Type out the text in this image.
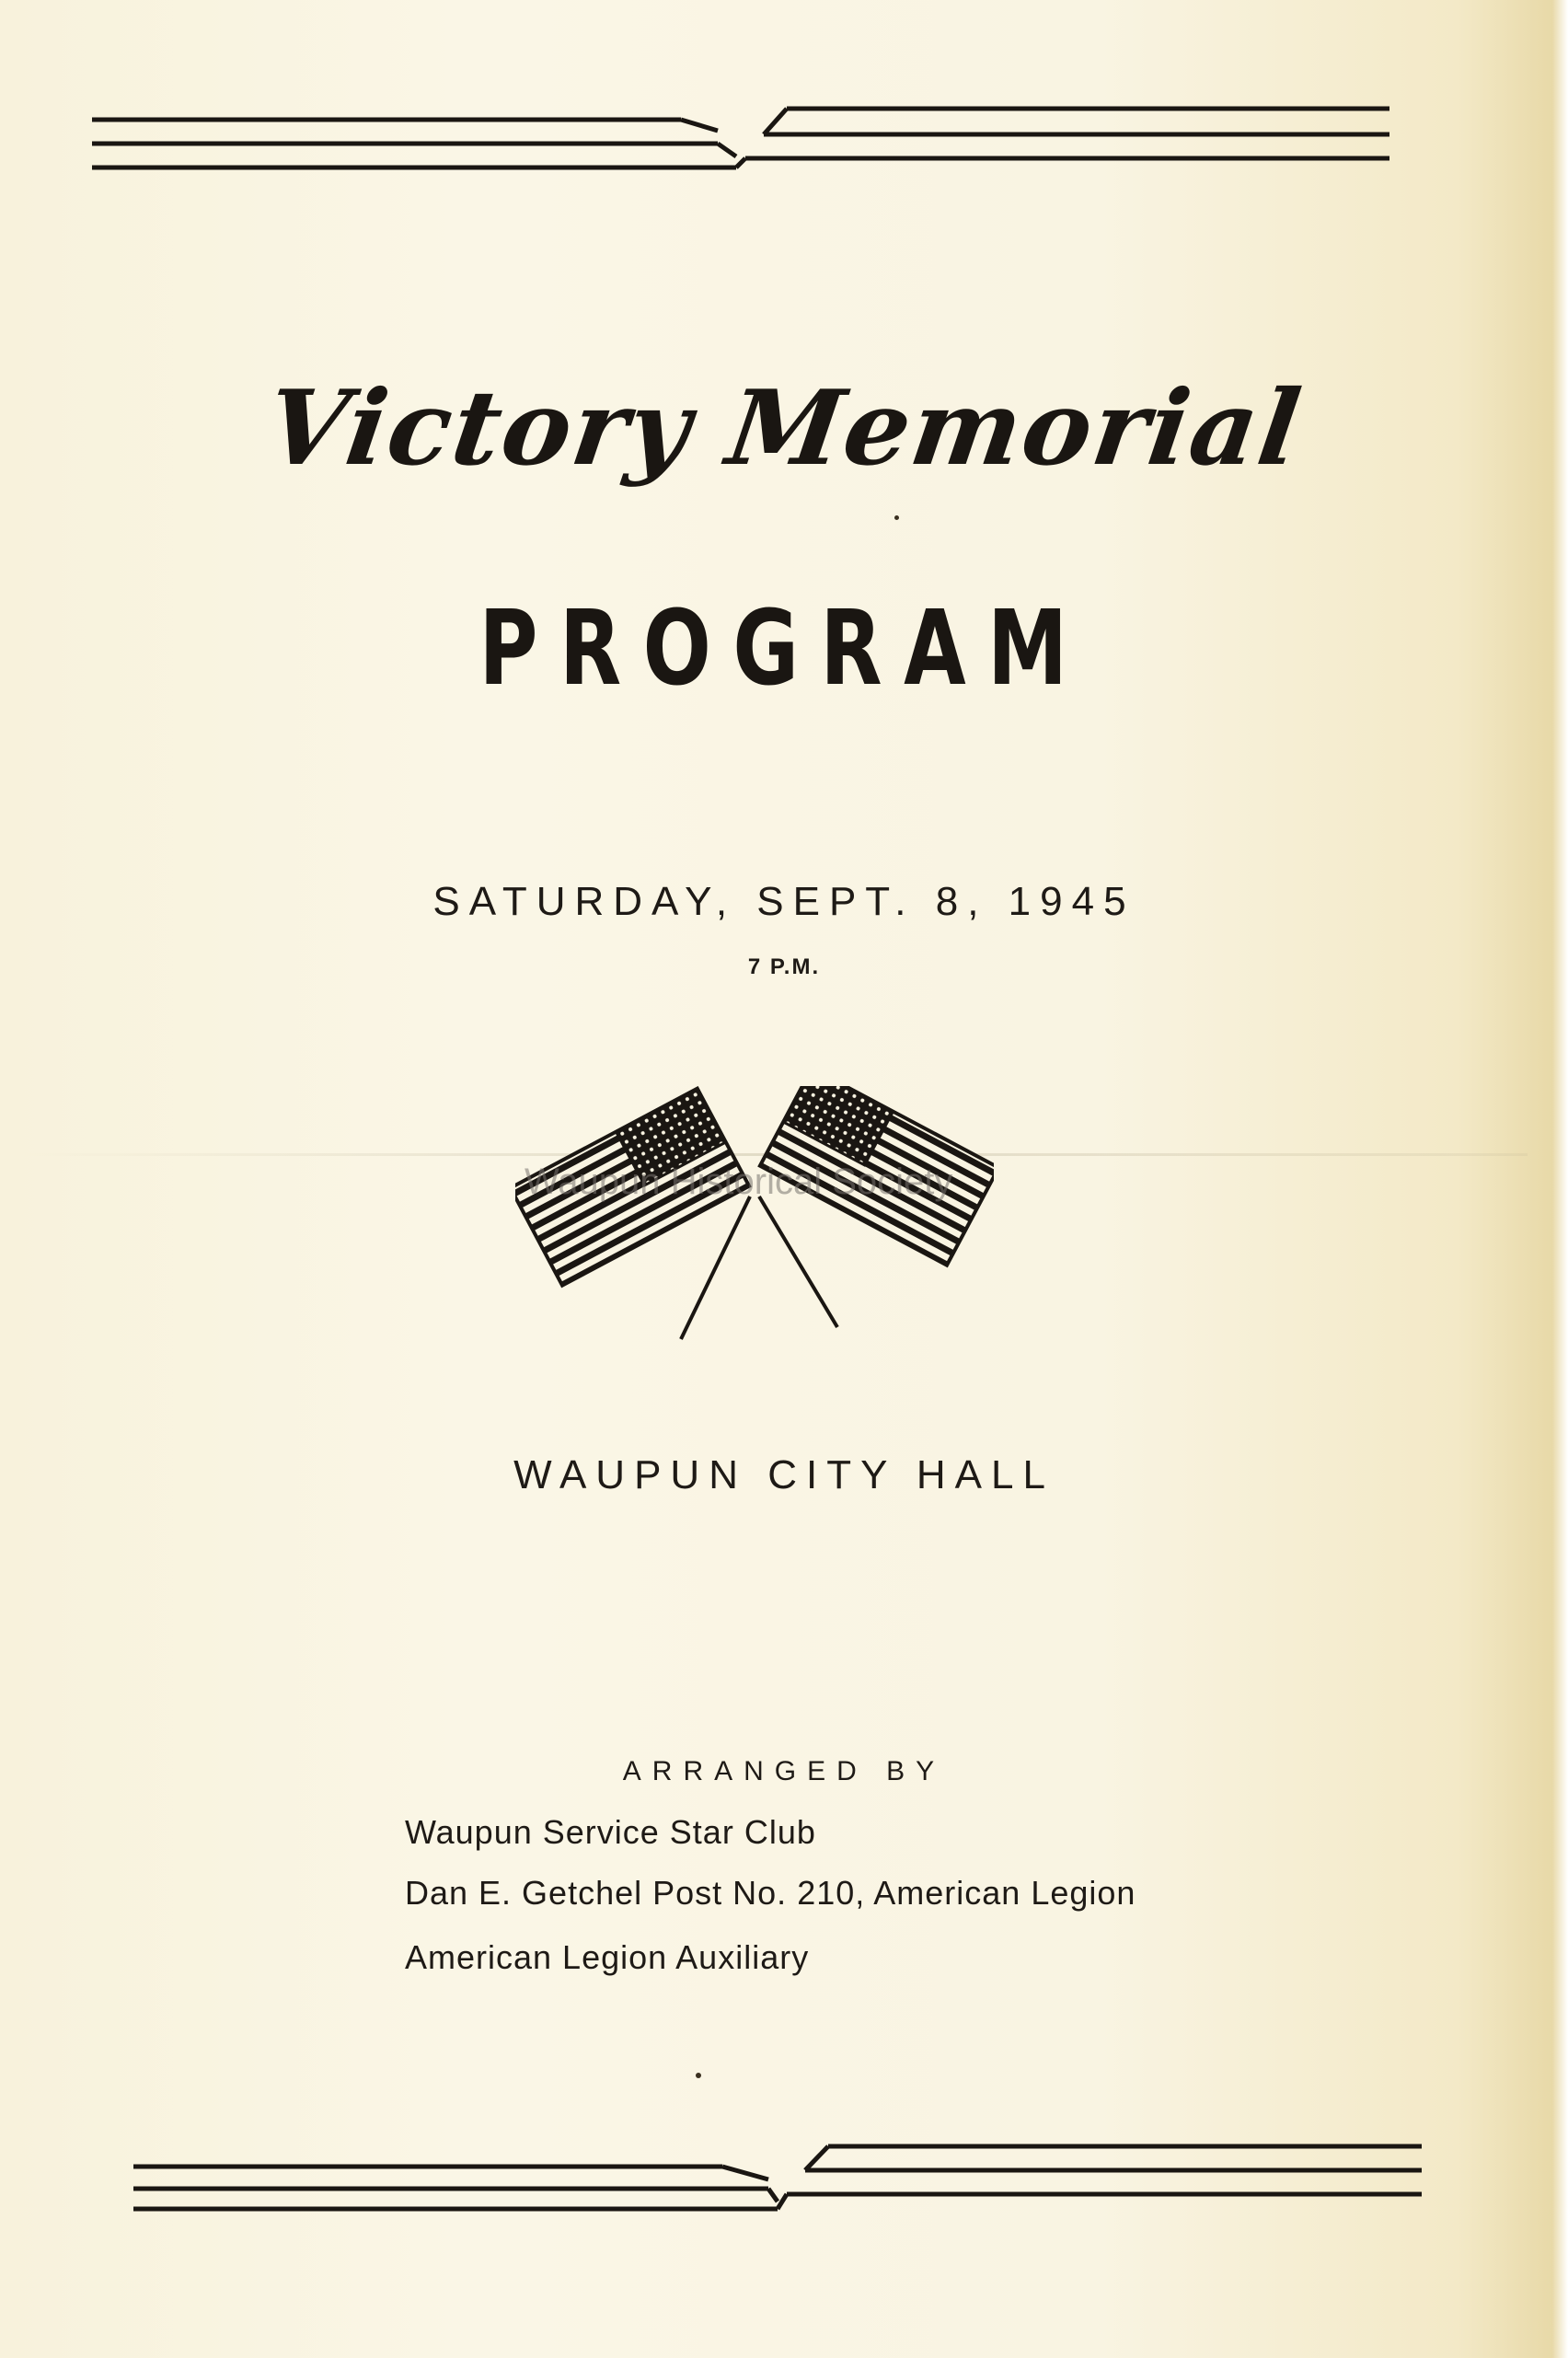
Victory Memorial
PROGRAM
SATURDAY, SEPT. 8, 1945
7 P.M.
Waupun Historical Society
WAUPUN CITY HALL
ARRANGED BY
Waupun Service Star Club
Dan E. Getchel Post No. 210, American Legion
American Legion Auxiliary
